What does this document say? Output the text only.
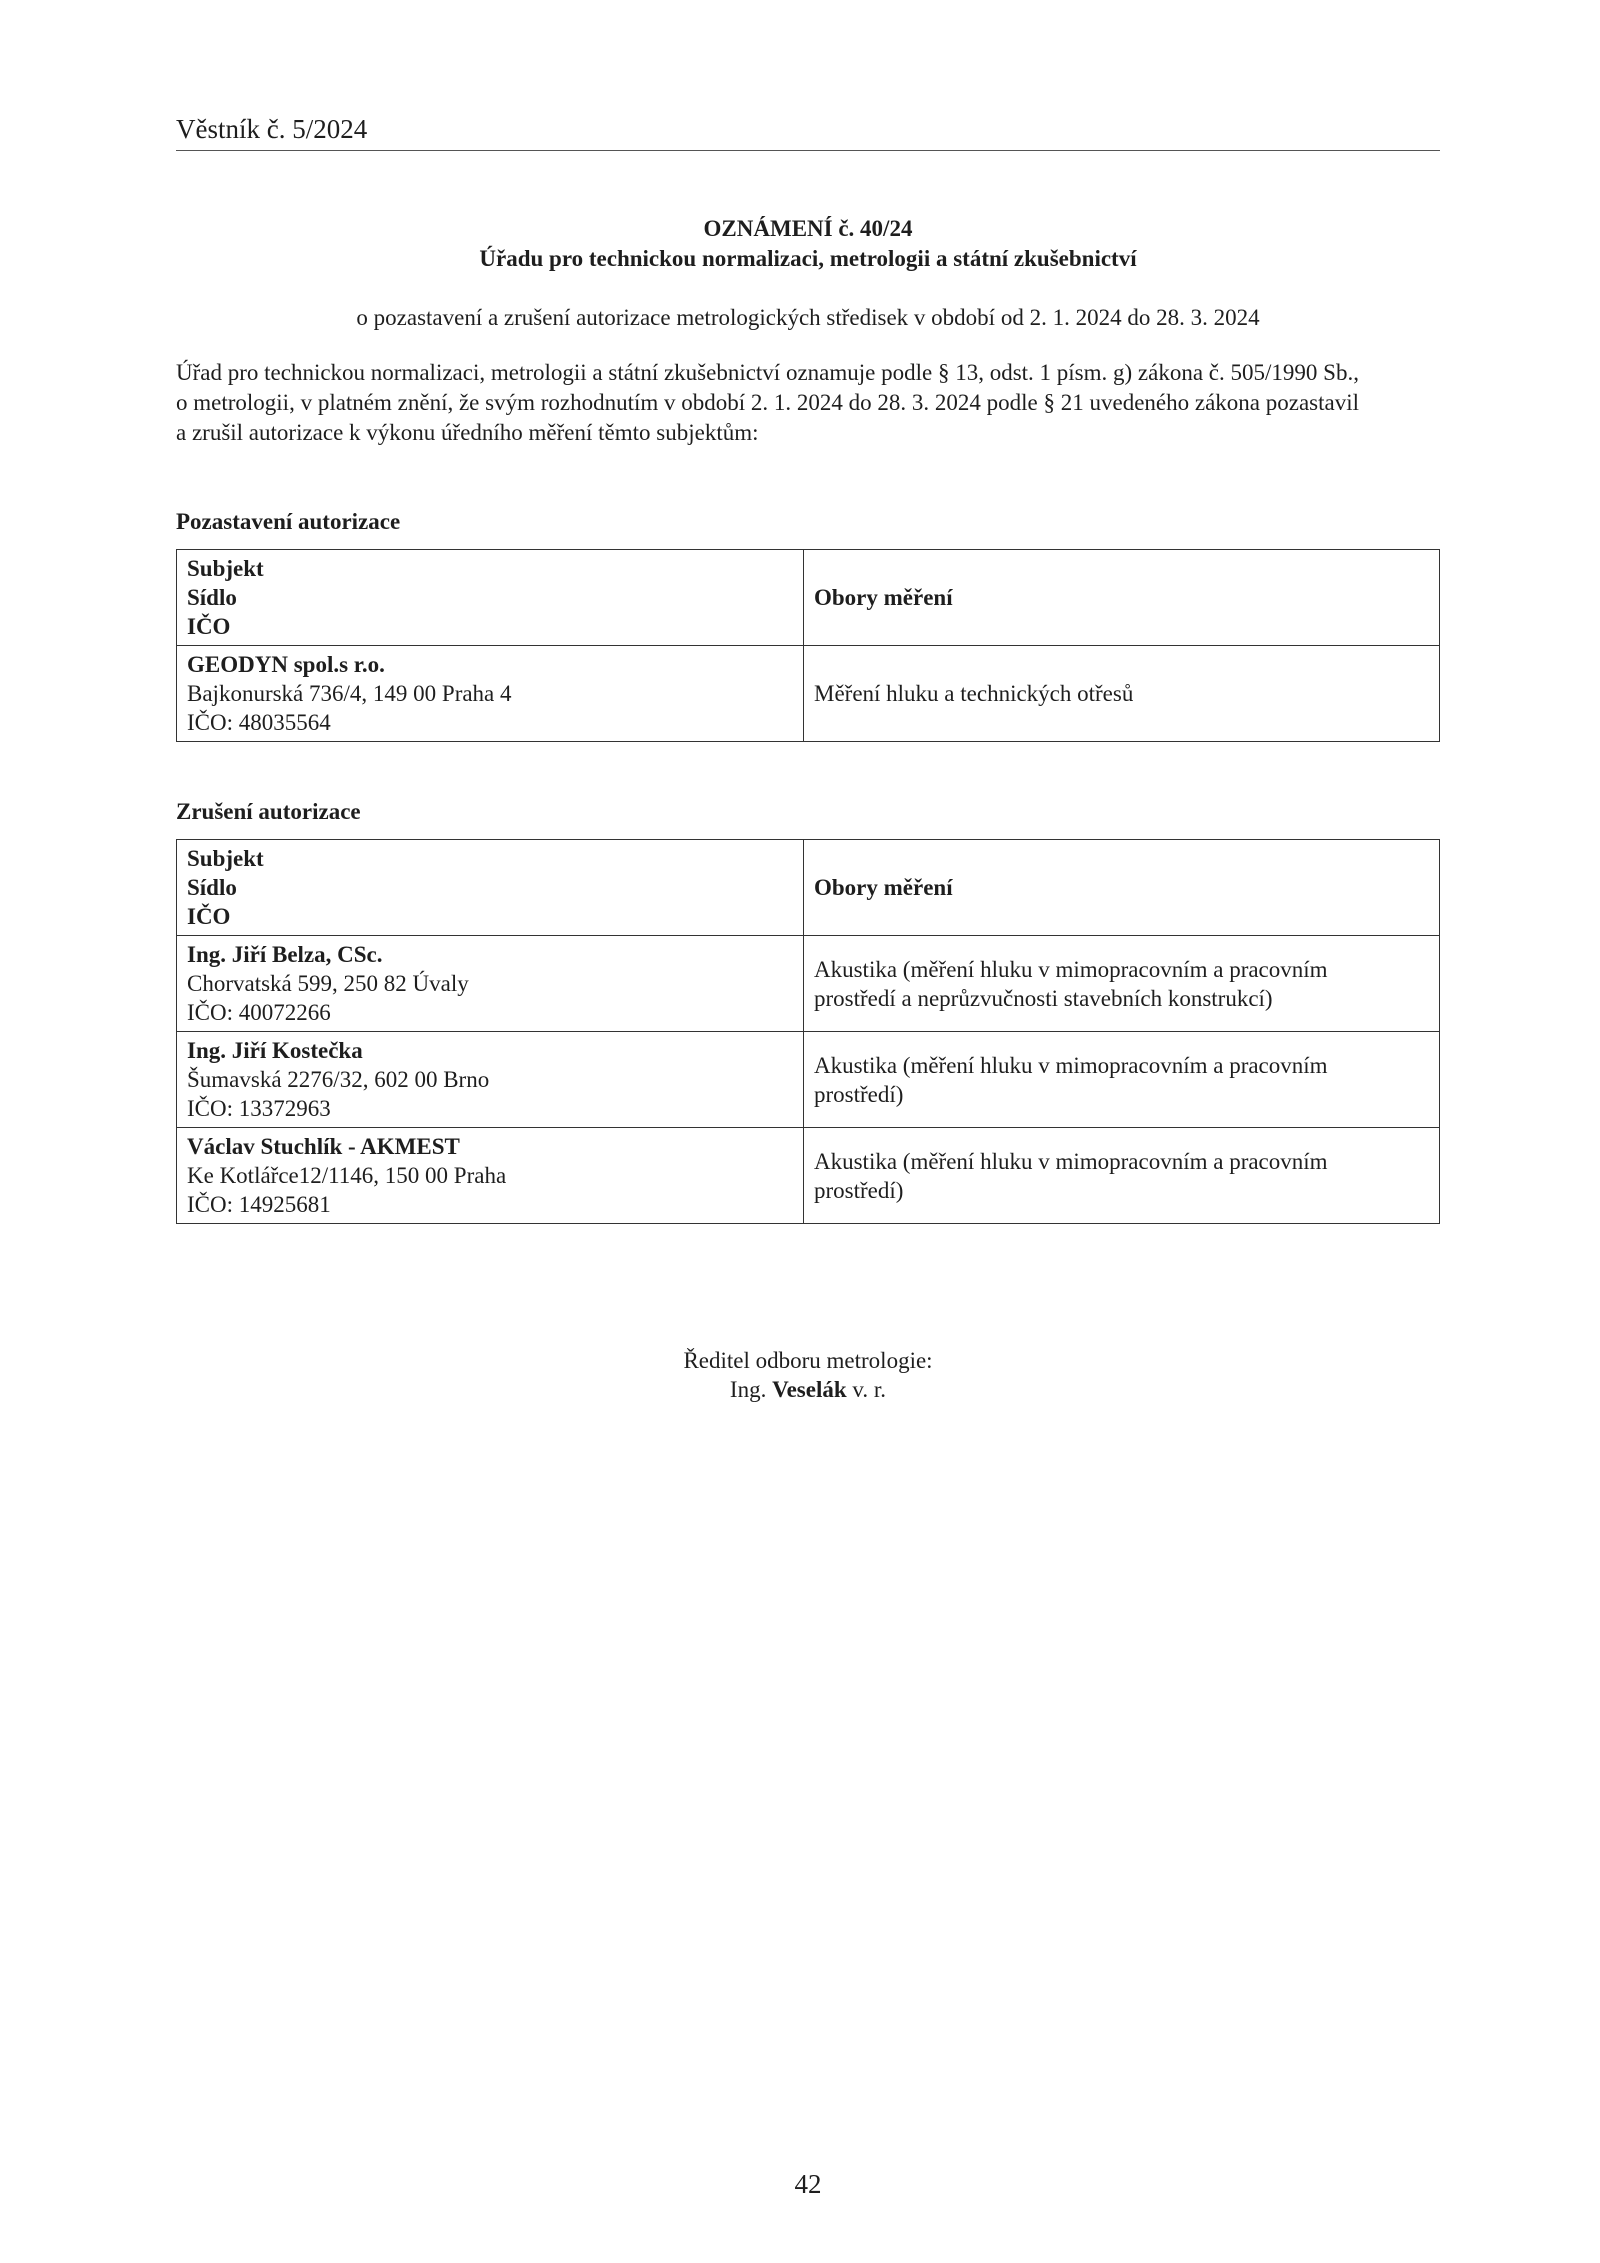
Věstník č. 5/2024
OZNÁMENÍ č. 40/24
Úřadu pro technickou normalizaci, metrologii a státní zkušebnictví
o pozastavení a zrušení autorizace metrologických středisek v období od 2. 1. 2024 do 28. 3. 2024
Úřad pro technickou normalizaci, metrologii a státní zkušebnictví oznamuje podle § 13, odst. 1 písm. g) zákona č. 505/1990 Sb.,
o metrologii, v platném znění, že svým rozhodnutím v období 2. 1. 2024 do 28. 3. 2024 podle § 21 uvedeného zákona pozastavil
a zrušil autorizace k výkonu úředního měření těmto subjektům:
Pozastavení autorizace
Subjekt
Sídlo
IČO	Obory měření

GEODYN spol.s r.o.
Bajkonurská 736/4, 149 00 Praha 4
IČO: 48035564	Měření hluku a technických otřesů
Zrušení autorizace
Subjekt
Sídlo
IČO	Obory měření

Ing. Jiří Belza, CSc.
Chorvatská 599, 250 82 Úvaly
IČO: 40072266	Akustika (měření hluku v mimopracovním a pracovním
prostředí a neprůzvučnosti stavebních konstrukcí)

Ing. Jiří Kostečka
Šumavská 2276/32, 602 00 Brno
IČO: 13372963	Akustika (měření hluku v mimopracovním a pracovním
prostředí)

Václav Stuchlík - AKMEST
Ke Kotlářce12/1146, 150 00 Praha
IČO: 14925681	Akustika (měření hluku v mimopracovním a pracovním
prostředí)
Ředitel odboru metrologie:
Ing. Veselák v. r.
42
